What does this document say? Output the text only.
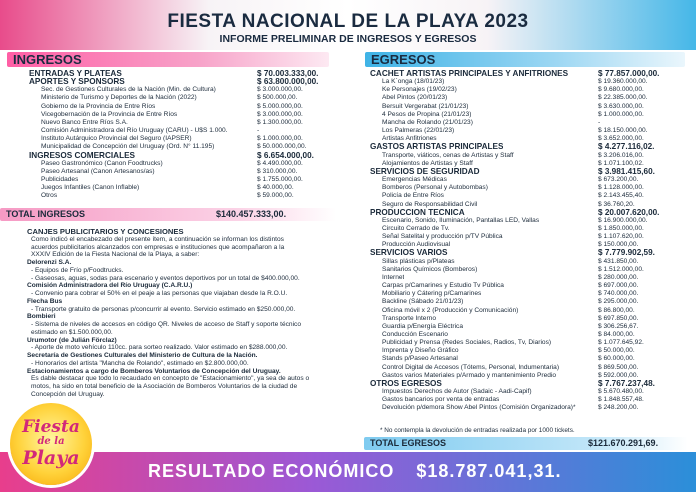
FIESTA NACIONAL DE LA PLAYA 2023
INFORME PRELIMINAR DE INGRESOS Y EGRESOS
INGRESOS	EGRESOS
ENTRADAS Y PLATEAS	$ 70.003.333,00.
APORTES Y SPONSORS	$ 63.800.000,00.
Sec. de Gestiones Culturales de la Nación (Min. de Cultura)	$ 3.000.000,00.
Ministerio de Turismo y Deportes de la Nación (2022)	$ 500.000,00.
Gobierno de la Provincia de Entre Ríos	$ 5.000.000,00.
Vicegobernación de la Provincia de Entre Ríos	$ 3.000.000,00.
Nuevo Banco Entre Ríos S.A.	$ 1.300.000,00.
Comisión Administradora del Río Uruguay (CARU) - U$S 1.000.	-
Instituto Autárquico Provincial del Seguro (IAPSER)	$ 1.000.000,00.
Municipalidad de Concepción del Uruguay (Ord. N° 11.195)	$ 50.000.000,00.
INGRESOS COMERCIALES	$ 6.654.000,00.
Paseo Gastronómico (Canon Foodtrucks)	$ 4.490.000,00.
Paseo Artesanal (Canon Artesanos/as)	$ 310.000,00.
Publicidades	$ 1.755.000,00.
Juegos Infantiles (Canon Inflable)	$ 40.000,00.
Otros	$ 59.000,00.
CACHET ARTISTAS PRINCIPALES Y ANFITRIONES	$ 77.857.000,00.
La K´onga (18/01/23)	$ 19.360.000,00.
Ke Personajes (19/02/23)	$ 9.680.000,00.
Abel Pintos (20/01/23)	$ 22.385.000,00.
Bersuit Vergerabat (21/01/23)	$ 3.630.000,00.
4 Pesos de Propina (21/01/23)	$ 1.000.000,00.
Mancha de Rolando (21/01/23)	-
Los Palmeras (22/01/23)	$ 18.150.000,00.
Artistas Anfitriones	$ 3.652.000,00.
GASTOS ARTISTAS PRINCIPALES	$ 4.277.116,02.
Transporte, viáticos, cenas de Artistas y Staff	$ 3.206.016,00.
Alojamientos de Artistas y Staff	$ 1.071.100,02.
SERVICIOS DE SEGURIDAD	$ 3.981.415,60.
Emergencias Médicas	$ 673.200,00.
Bomberos (Personal y Autobombas)	$ 1.128.000,00.
Policía de Entre Ríos	$ 2.143.455,40.
Seguro de Responsabilidad Civil	$ 36.760,20.
PRODUCCIÓN TÉCNICA	$ 20.007.620,00.
Escenario, Sonido, Iluminación, Pantallas LED, Vallas	$ 16.900.000,00.
Circuito Cerrado de Tv.	$ 1.850.000,00.
Señal Satelital y producción p/TV Pública	$ 1.107.620,00.
Producción Audiovisual	$ 150.000,00.
SERVICIOS VARIOS	$ 7.779.902,59.
Sillas plásticas p/Plateas	$ 431.850,00.
Sanitarios Químicos (Bomberos)	$ 1.512.000,00.
Internet	$ 280.000,00.
Carpas p/Camarines y Estudio Tv Pública	$ 697.000,00.
Mobiliario y Cátering p/Camarines	$ 740.000,00.
Backline (Sábado 21/01/23)	$ 295.000,00.
Oficina móvil x 2 (Producción y Comunicación)	$ 86.800,00.
Transporte Interno	$ 697.850,00.
Guardia p/Energía Eléctrica	$ 306.256,67.
Conducción Escenario	$ 84.000,00.
Publicidad y Prensa (Redes Sociales, Radios, Tv, Diarios)	$ 1.077.645,92.
Imprenta y Diseño Gráfico	$ 50.000,00.
Stands p/Paseo Artesanal	$ 60.000,00.
Control Digital de Accesos (Tótems, Personal, Indumentaria)	$ 869.500,00.
Gastos varios Materiales p/Armado y mantenimiento Predio	$ 592.000,00.
OTROS EGRESOS	$ 7.767.237,48.
Impuestos Derechos de Autor (Sadaic - Aadi-Capif)	$ 5.670.480,00.
Gastos bancarios por venta de entradas	$ 1.848.557,48.
Devolución p/demora Show Abel Pintos (Comisión Organizadora)*	$ 248.200,00.
TOTAL INGRESOS	$140.457.333,00.
CANJES PUBLICITARIOS Y CONCESIONES
Como indicó el encabezado del presente ítem, a continuación se informan los distintos
acuerdos publicitarios alcanzados con empresas e instituciones que acompañaron a la
XXXIV Edición de la Fiesta Nacional de la Playa, a saber:
Delorenzi S.A.
- Equipos de Frío p/Foodtrucks.
- Gaseosas, aguas, sodas para escenario y eventos deportivos por un total de $400.000,00.
Comisión Administradora del Río Uruguay (C.A.R.U.)
- Convenio para cobrar el 50% en el peaje a las personas que viajaban desde la R.O.U.
Flecha Bus
- Transporte gratuito de personas p/concurrir al evento. Servicio estimado en $250.000,00.
Bombieri
- Sistema de niveles de accesos en código QR. Niveles de acceso de Staff y soporte técnico
estimado en $1.500.000,00.
Urumotor (de Julián Förclaz)
- Aporte de moto vehículo 110cc. para sorteo realizado. Valor estimado en $288.000,00.
Secretaría de Gestiones Culturales del Ministerio de Cultura de la Nación.
- Honorarios del artista "Mancha de Rolando", estimado en $2.800.000,00.
Estacionamientos a cargo de Bomberos Voluntarios de Concepción del Uruguay.
Es dable destacar que todo lo recaudado en concepto de "Estacionamiento", ya sea de autos o
motos, ha sido en total beneficio de la Asociación de Bomberos Voluntarios de la ciudad de
Concepción del Uruguay.
* No contempla la devolución de entradas realizada por 1000 tickets.
TOTAL EGRESOS	$121.670.291,69.
Fiesta
de la
Playa
RESULTADO ECONÓMICO $18.787.041,31.
